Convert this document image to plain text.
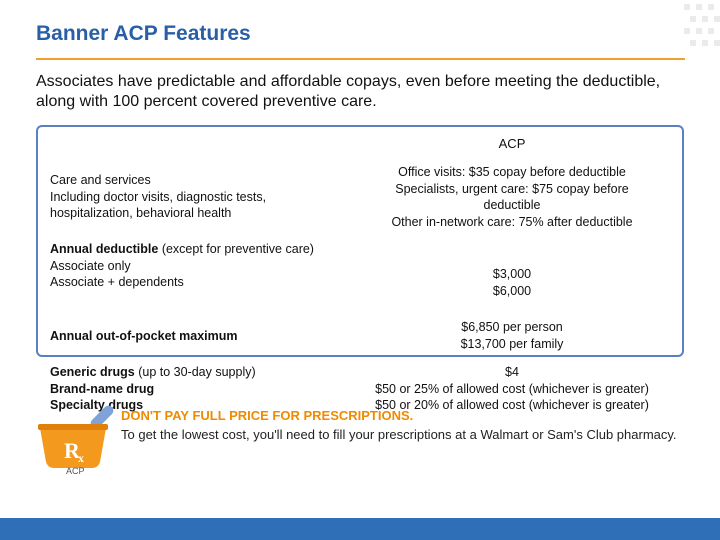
Banner ACP Features
Associates have predictable and affordable copays, even before meeting the deductible, along with 100 percent covered preventive care.
ACP
Care and services
Including doctor visits, diagnostic tests,
hospitalization, behavioral health
Office visits: $35 copay before deductible
Specialists, urgent care: $75 copay before
deductible
Other in-network care: 75% after deductible
Annual deductible (except for preventive care)
Associate only
Associate + dependents
$3,000
$6,000
Annual out-of-pocket maximum
$6,850 per person
$13,700 per family
Generic drugs (up to 30-day supply)
Brand-name drug
Specialty drugs
$4
$50 or 25% of allowed cost (whichever is greater)
$50 or 20% of allowed cost (whichever is greater)
R
x
DON'T PAY FULL PRICE FOR PRESCRIPTIONS.
To get the lowest cost, you'll need to fill your prescriptions at a Walmart or Sam's Club pharmacy.
ACP
